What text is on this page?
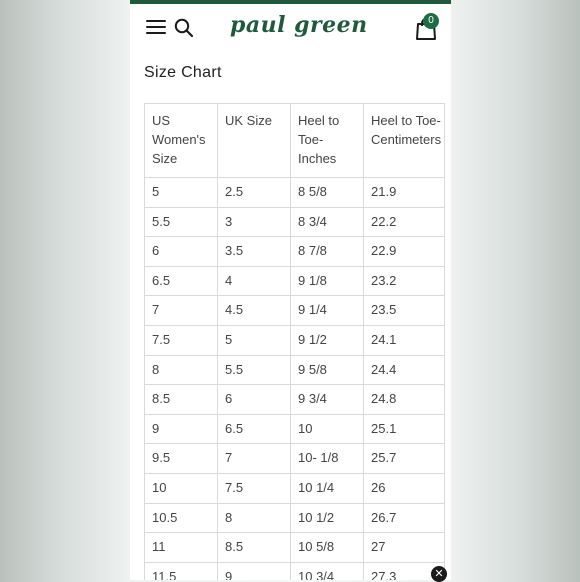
paul green	0
Size Chart
US Women's Size	UK Size	Heel to Toe- Inches	Heel to Toe- Centimeters
5	2.5	8 5/8	21.9
5.5	3	8 3/4	22.2
6	3.5	8 7/8	22.9
6.5	4	9 1/8	23.2
7	4.5	9 1/4	23.5
7.5	5	9 1/2	24.1
8	5.5	9 5/8	24.4
8.5	6	9 3/4	24.8
9	6.5	10	25.1
9.5	7	10- 1/8	25.7
10	7.5	10 1/4	26
10.5	8	10 1/2	26.7
11	8.5	10 5/8	27
11.5	9	10 3/4	27.3	✕
